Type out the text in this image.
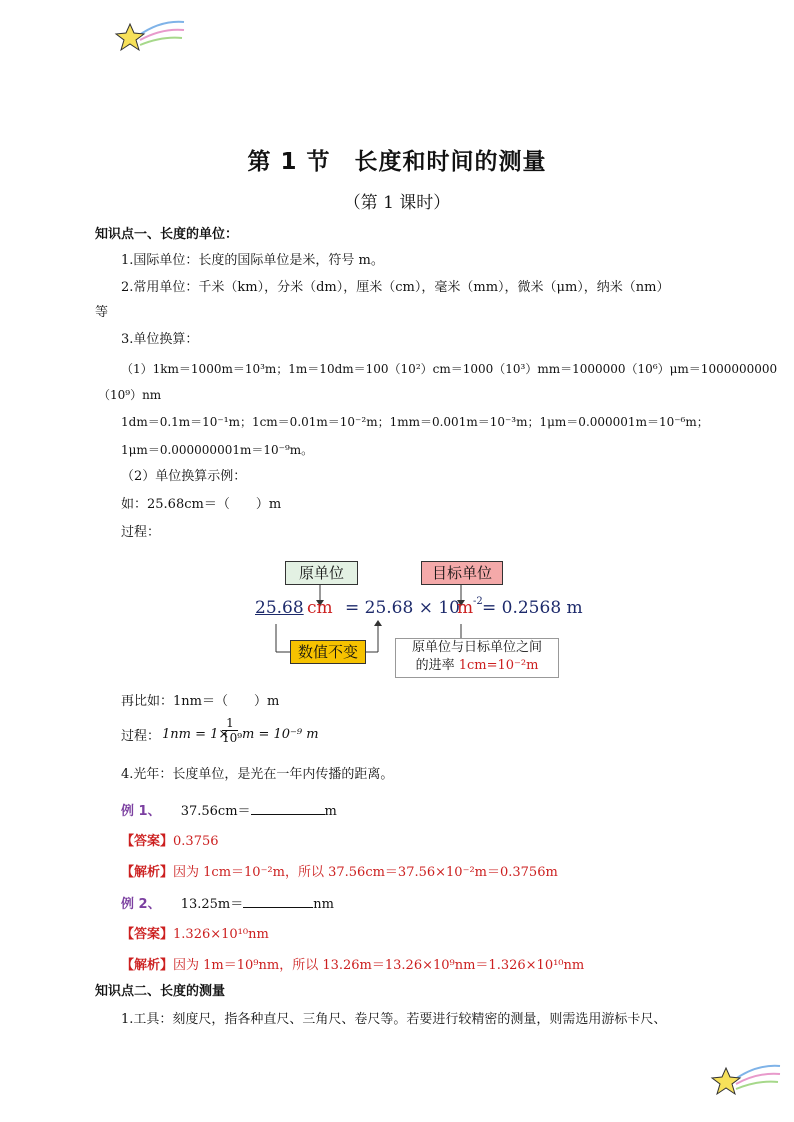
第 1 节　长度和时间的测量
（第 1 课时）
知识点一、长度的单位：
1.国际单位：长度的国际单位是米，符号 m。
2.常用单位：千米（km），分米（dm），厘米（cm），毫米（mm），微米（μm），纳米（nm）
等
3.单位换算：
（1）1km＝1000m＝10³m；1m＝10dm＝100（10²）cm＝1000（10³）mm＝1000000（10⁶）μm＝1000000000
（10⁹）nm
1dm＝0.1m＝10⁻¹m；1cm＝0.01m＝10⁻²m；1mm＝0.001m＝10⁻³m；1μm＝0.000001m＝10⁻⁶m；
1μm＝0.000000001m＝10⁻⁹m。
（2）单位换算示例：
如：25.68cm＝（　　）m
过程：
原单位	目标单位
25.68 cm = 25.68 × 10 -2
m = 0.2568 m
数值不变	原单位与日标单位之间
的进率 1cm=10⁻²m
再比如：1nm＝（　　）m
过程： 1nm = 1×
$\frac{1}{\text{10⁹}}$ m = 10⁻⁹ m
4.光年：长度单位，是光在一年内传播的距离。
例 1、 37.56cm＝	m
【答案】0.3756
【解析】因为 1cm＝10⁻²m，所以 37.56cm＝37.56×10⁻²m＝0.3756m
例 2、 13.25m＝	nm
【答案】1.326×10¹⁰nm
【解析】因为 1m＝10⁹nm，所以 13.26m＝13.26×10⁹nm＝1.326×10¹⁰nm
知识点二、长度的测量
1.工具：刻度尺，指各种直尺、三角尺、卷尺等。若要进行较精密的测量，则需选用游标卡尺、
